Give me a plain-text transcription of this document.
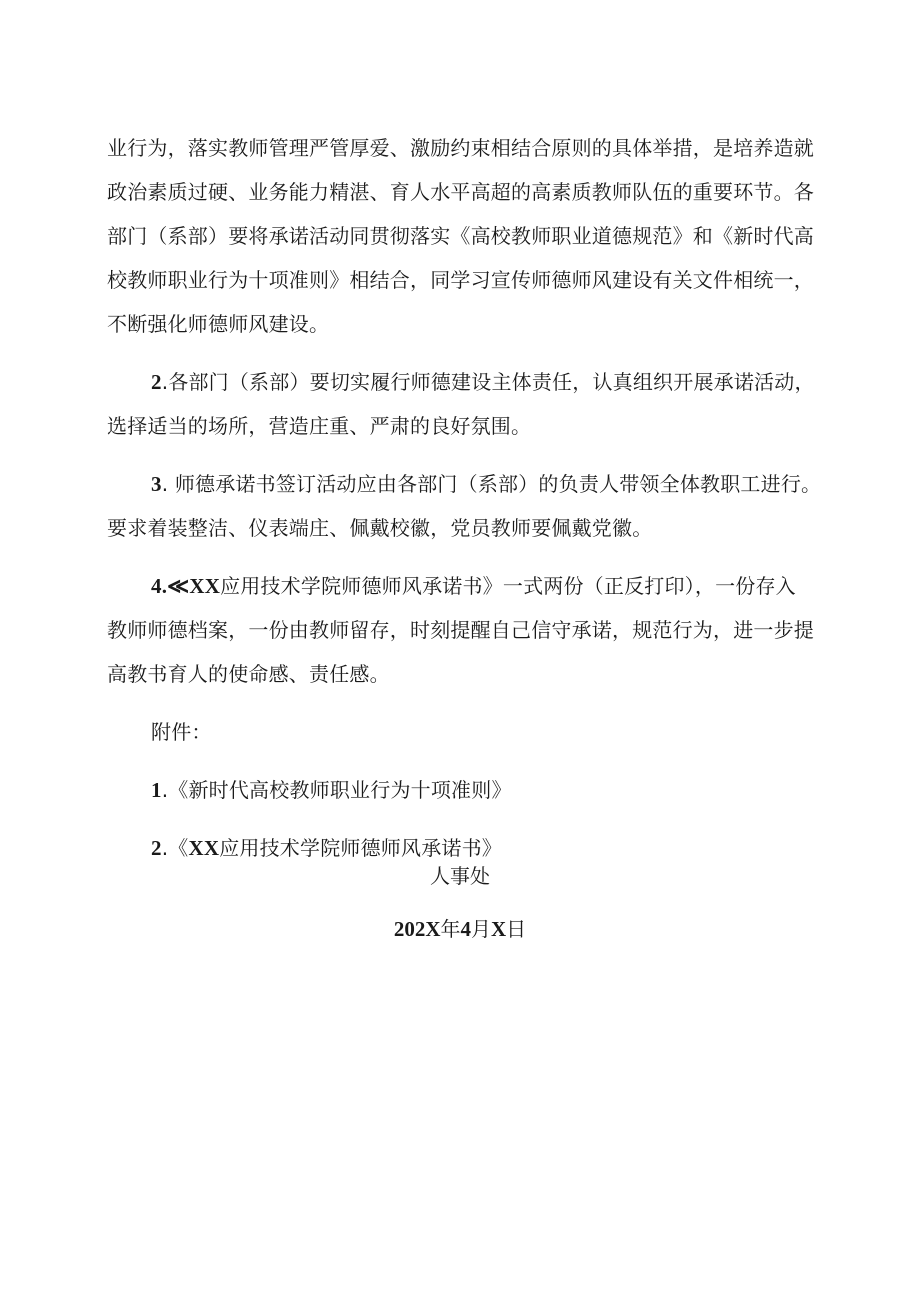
业行为，落实教师管理严管厚爱、激励约束相结合原则的具体举措，是培养造就
政治素质过硬、业务能力精湛、育人水平高超的高素质教师队伍的重要环节。各
部门（系部）要将承诺活动同贯彻落实《高校教师职业道德规范》和《新时代高
校教师职业行为十项准则》相结合，同学习宣传师德师风建设有关文件相统一，
不断强化师德师风建设。
2.各部门（系部）要切实履行师德建设主体责任，认真组织开展承诺活动，
选择适当的场所，营造庄重、严肃的良好氛围。
3. 师德承诺书签订活动应由各部门（系部）的负责人带领全体教职工进行。
要求着装整洁、仪表端庄、佩戴校徽，党员教师要佩戴党徽。
4.≪XX应用技术学院师德师风承诺书》一式两份（正反打印），一份存入
教师师德档案，一份由教师留存，时刻提醒自己信守承诺，规范行为，进一步提
高教书育人的使命感、责任感。
附件：
1.《新时代高校教师职业行为十项准则》
2.《XX应用技术学院师德师风承诺书》
人事处
202X年4月X日
